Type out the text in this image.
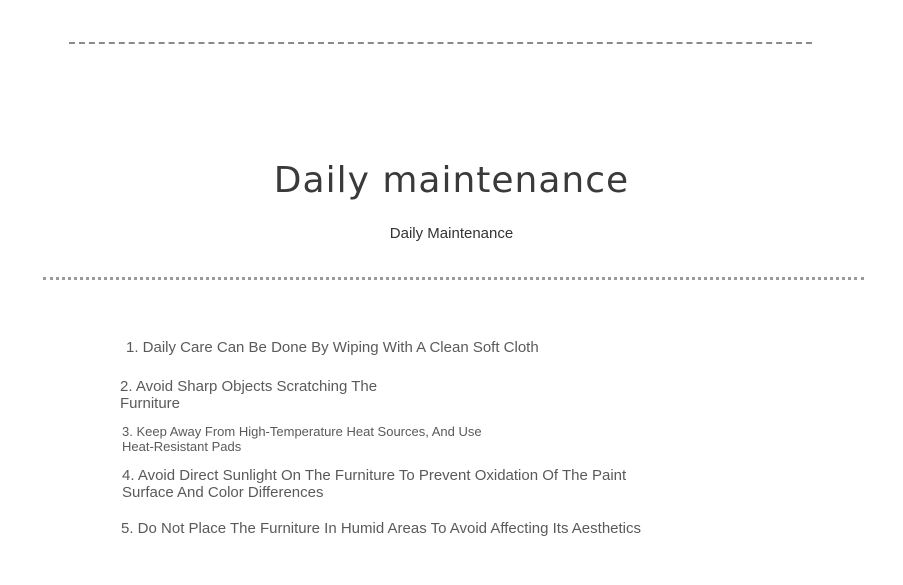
Daily maintenance

Daily Maintenance

1. Daily Care Can Be Done By Wiping With A Clean Soft Cloth

2. Avoid Sharp Objects Scratching The Furniture

3. Keep Away From High-Temperature Heat Sources, And Use Heat-Resistant Pads

4. Avoid Direct Sunlight On The Furniture To Prevent Oxidation Of The Paint Surface And Color Differences

5. Do Not Place The Furniture In Humid Areas To Avoid Affecting Its Aesthetics
